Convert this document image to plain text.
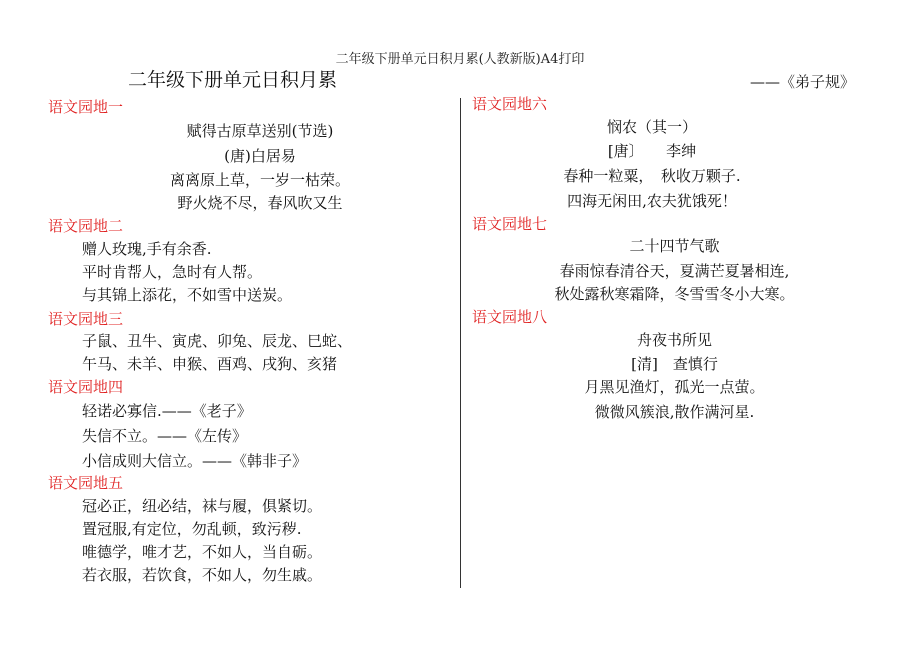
二年级下册单元日积月累(人教新版)A4打印
二年级下册单元日积月累
语文园地一
赋得古原草送别(节选)
(唐)白居易
离离原上草，一岁一枯荣。
野火烧不尽，春风吹又生
语文园地二
赠人玫瑰,手有余香.
平时肯帮人，急时有人帮。
与其锦上添花，不如雪中送炭。
语文园地三
子鼠、丑牛、寅虎、卯兔、辰龙、巳蛇、
午马、未羊、申猴、酉鸡、戌狗、亥猪
语文园地四
轻诺必寡信.——《老子》
失信不立。——《左传》
小信成则大信立。——《韩非子》
语文园地五
冠必正，纽必结，袜与履，俱紧切。
置冠服,有定位，勿乱顿，致污秽.
唯德学，唯才艺，不如人，当自砺。
若衣服，若饮食，不如人，勿生戚。
——《弟子规》
语文园地六
悯农（其一）
[唐〕　　李绅
春种一粒粟，　秋收万颗子.
四海无闲田,农夫犹饿死！
语文园地七
二十四节气歌
春雨惊春清谷天，夏满芒夏暑相连,
秋处露秋寒霜降，冬雪雪冬小大寒。
语文园地八
舟夜书所见
[清]　查慎行
月黑见渔灯，孤光一点萤。
微微风簇浪,散作满河星.
